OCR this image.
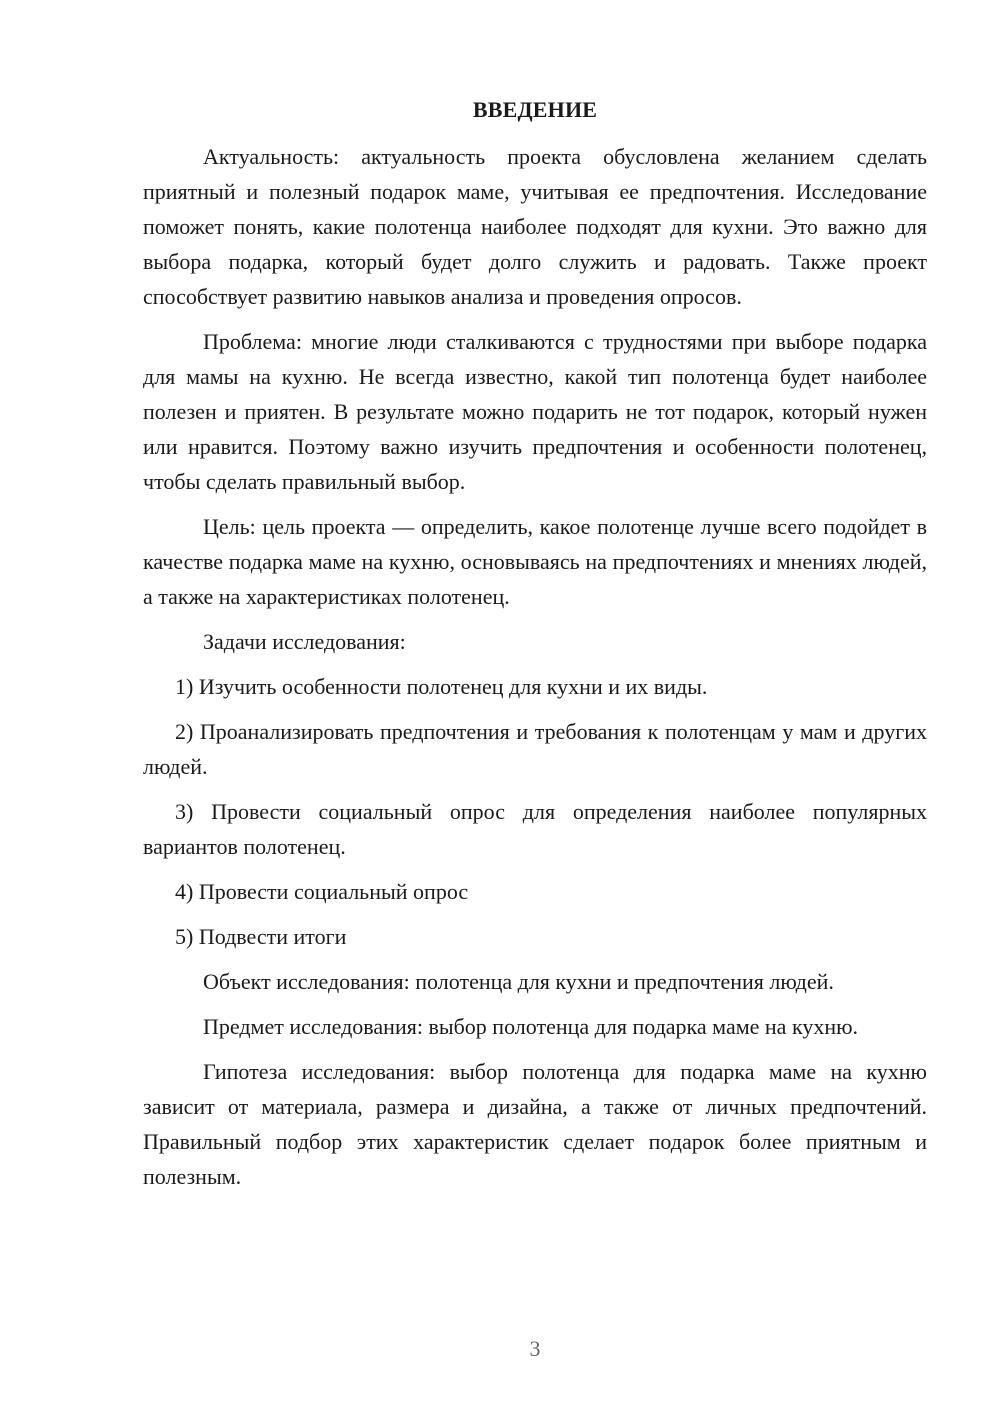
ВВЕДЕНИЕ

Актуальность: актуальность проекта обусловлена желанием сделать приятный и полезный подарок маме, учитывая ее предпочтения. Исследование поможет понять, какие полотенца наиболее подходят для кухни. Это важно для выбора подарка, который будет долго служить и радовать. Также проект способствует развитию навыков анализа и проведения опросов.

Проблема: многие люди сталкиваются с трудностями при выборе подарка для мамы на кухню. Не всегда известно, какой тип полотенца будет наиболее полезен и приятен. В результате можно подарить не тот подарок, который нужен или нравится. Поэтому важно изучить предпочтения и особенности полотенец, чтобы сделать правильный выбор.

Цель: цель проекта — определить, какое полотенце лучше всего подойдет в качестве подарка маме на кухню, основываясь на предпочтениях и мнениях людей, а также на характеристиках полотенец.

Задачи исследования:

1) Изучить особенности полотенец для кухни и их виды.

2) Проанализировать предпочтения и требования к полотенцам у мам и других людей.

3) Провести социальный опрос для определения наиболее популярных вариантов полотенец.

4) Провести социальный опрос

5) Подвести итоги

Объект исследования: полотенца для кухни и предпочтения людей.

Предмет исследования: выбор полотенца для подарка маме на кухню.

Гипотеза исследования: выбор полотенца для подарка маме на кухню зависит от материала, размера и дизайна, а также от личных предпочтений. Правильный подбор этих характеристик сделает подарок более приятным и полезным.

3
